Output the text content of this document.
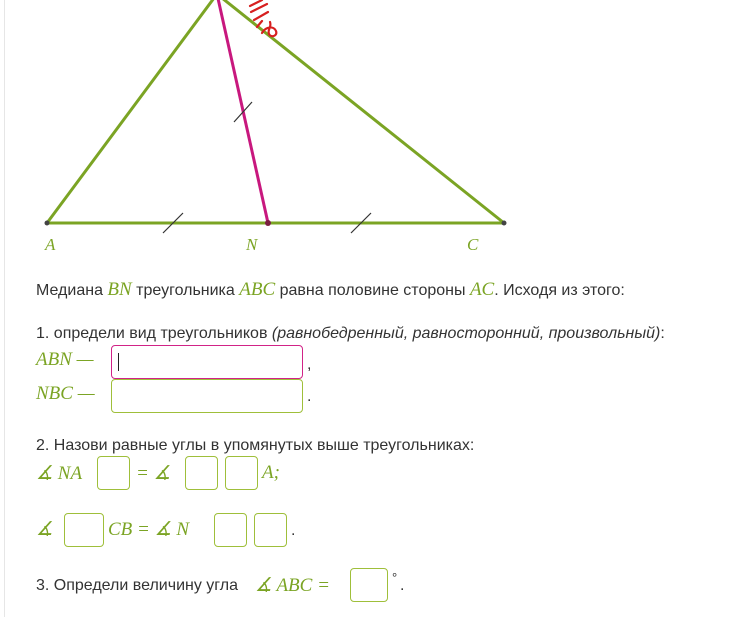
A	N	C
Медиана BN треугольника ABC равна половине стороны AC. Исходя из этого:
1. определи вид треугольников (равнобедренный, равносторонний, произвольный):
ABN —	,
NBC —	.
2. Назови равные углы в упомянутых выше треугольниках:
∡ NA	= ∡	A;
∡	CB = ∡ N	.
3. Определи величину угла ∡ ABC =	° .
